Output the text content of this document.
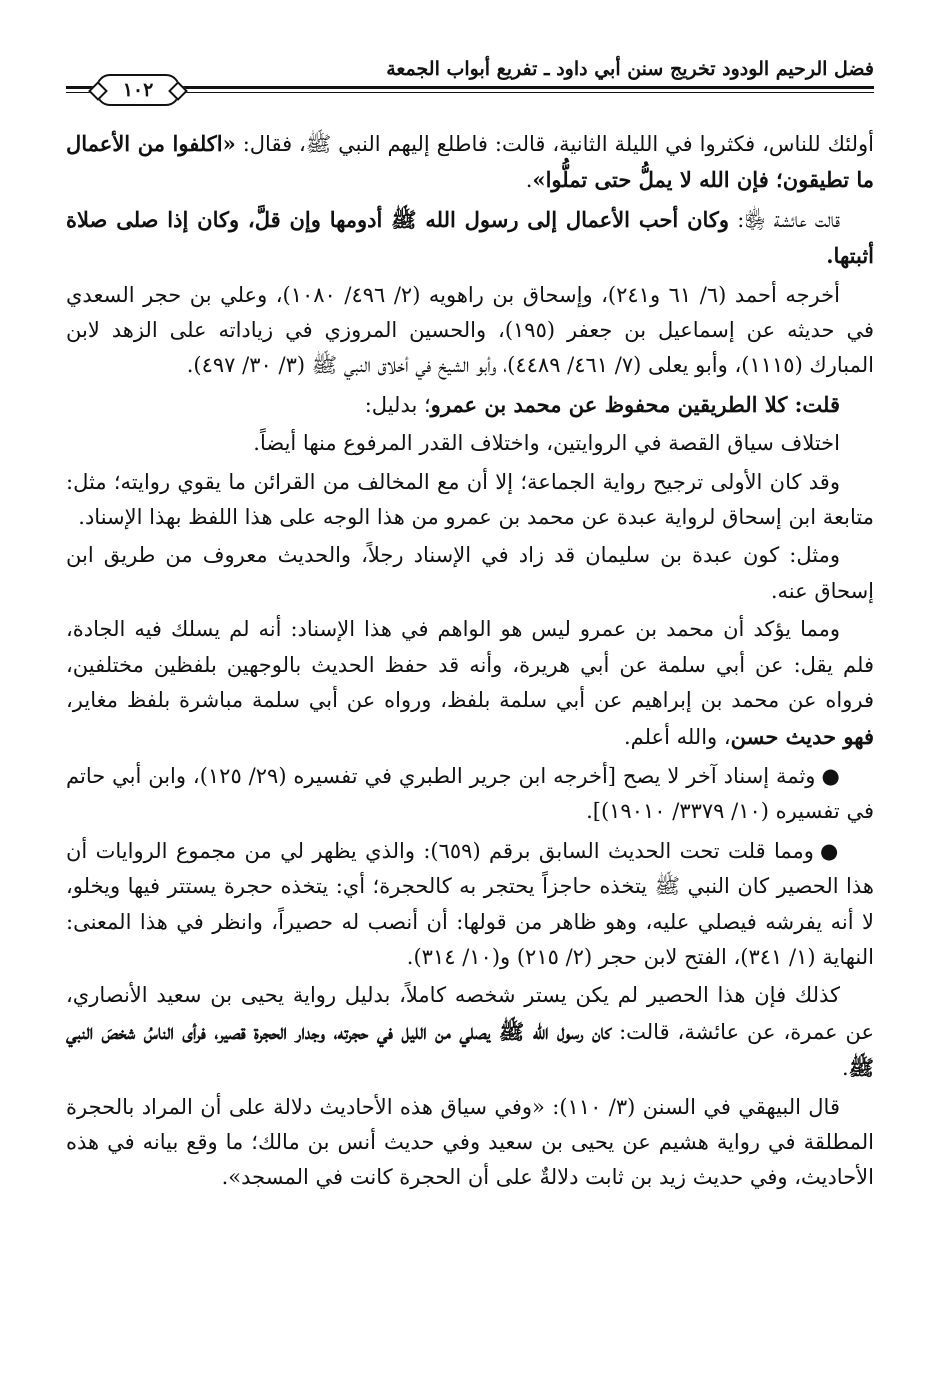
فضل الرحيم الودود تخريج سنن أبي داود ـ تفريع أبواب الجمعة
١٠٢

أولئك للناس، فكثروا في الليلة الثانية، قالت: فاطلع إليهم النبي ﷺ، فقال: «اكلفوا من الأعمال ما تطيقون؛ فإن الله لا يملُّ حتى تملُّوا».

قالت عائشة ﵂: وكان أحب الأعمال إلى رسول الله ﷺ أدومها وإن قلَّ، وكان إذا صلى صلاة أثبتها.

أخرجه أحمد (٦/ ٦١ و٢٤١)، وإسحاق بن راهويه (٢/ ٤٩٦/ ١٠٨٠)، وعلي بن حجر السعدي في حديثه عن إسماعيل بن جعفر (١٩٥)، والحسين المروزي في زياداته على الزهد لابن المبارك (١١١٥)، وأبو يعلى (٧/ ٤٦١/ ٤٤٨٩)، وأبو الشيخ في أخلاق النبي ﷺ (٣/ ٣٠/ ٤٩٧).

قلت: كلا الطريقين محفوظ عن محمد بن عمرو؛ بدليل:

اختلاف سياق القصة في الروايتين، واختلاف القدر المرفوع منها أيضاً.

وقد كان الأولى ترجيح رواية الجماعة؛ إلا أن مع المخالف من القرائن ما يقوي روايته؛ مثل: متابعة ابن إسحاق لرواية عبدة عن محمد بن عمرو من هذا الوجه على هذا اللفظ بهذا الإسناد.

ومثل: كون عبدة بن سليمان قد زاد في الإسناد رجلاً، والحديث معروف من طريق ابن إسحاق عنه.

ومما يؤكد أن محمد بن عمرو ليس هو الواهم في هذا الإسناد: أنه لم يسلك فيه الجادة، فلم يقل: عن أبي سلمة عن أبي هريرة، وأنه قد حفظ الحديث بالوجهين بلفظين مختلفين، فرواه عن محمد بن إبراهيم عن أبي سلمة بلفظ، ورواه عن أبي سلمة مباشرة بلفظ مغاير، فهو حديث حسن، والله أعلم.

●وثمة إسناد آخر لا يصح [أخرجه ابن جرير الطبري في تفسيره (٢٩/ ١٢٥)، وابن أبي حاتم في تفسيره (١٠/ ٣٣٧٩/ ١٩٠١٠)].

●ومما قلت تحت الحديث السابق برقم (٦٥٩): والذي يظهر لي من مجموع الروايات أن هذا الحصير كان النبي ﷺ يتخذه حاجزاً يحتجر به كالحجرة؛ أي: يتخذه حجرة يستتر فيها ويخلو، لا أنه يفرشه فيصلي عليه، وهو ظاهر من قولها: أن أنصب له حصيراً، وانظر في هذا المعنى: النهاية (١/ ٣٤١)، الفتح لابن حجر (٢/ ٢١٥) و(١٠/ ٣١٤).

كذلك فإن هذا الحصير لم يكن يستر شخصه كاملاً، بدليل رواية يحيى بن سعيد الأنصاري، عن عمرة، عن عائشة، قالت: كان رسول الله ﷺ يصلي من الليل في حجرته، وجدار الحجرة قصير، فرأى الناسُ شخصَ النبي ﷺ.

قال البيهقي في السنن (٣/ ١١٠): «وفي سياق هذه الأحاديث دلالة على أن المراد بالحجرة المطلقة في رواية هشيم عن يحيى بن سعيد وفي حديث أنس بن مالك؛ ما وقع بيانه في هذه الأحاديث، وفي حديث زيد بن ثابت دلالةٌ على أن الحجرة كانت في المسجد».
